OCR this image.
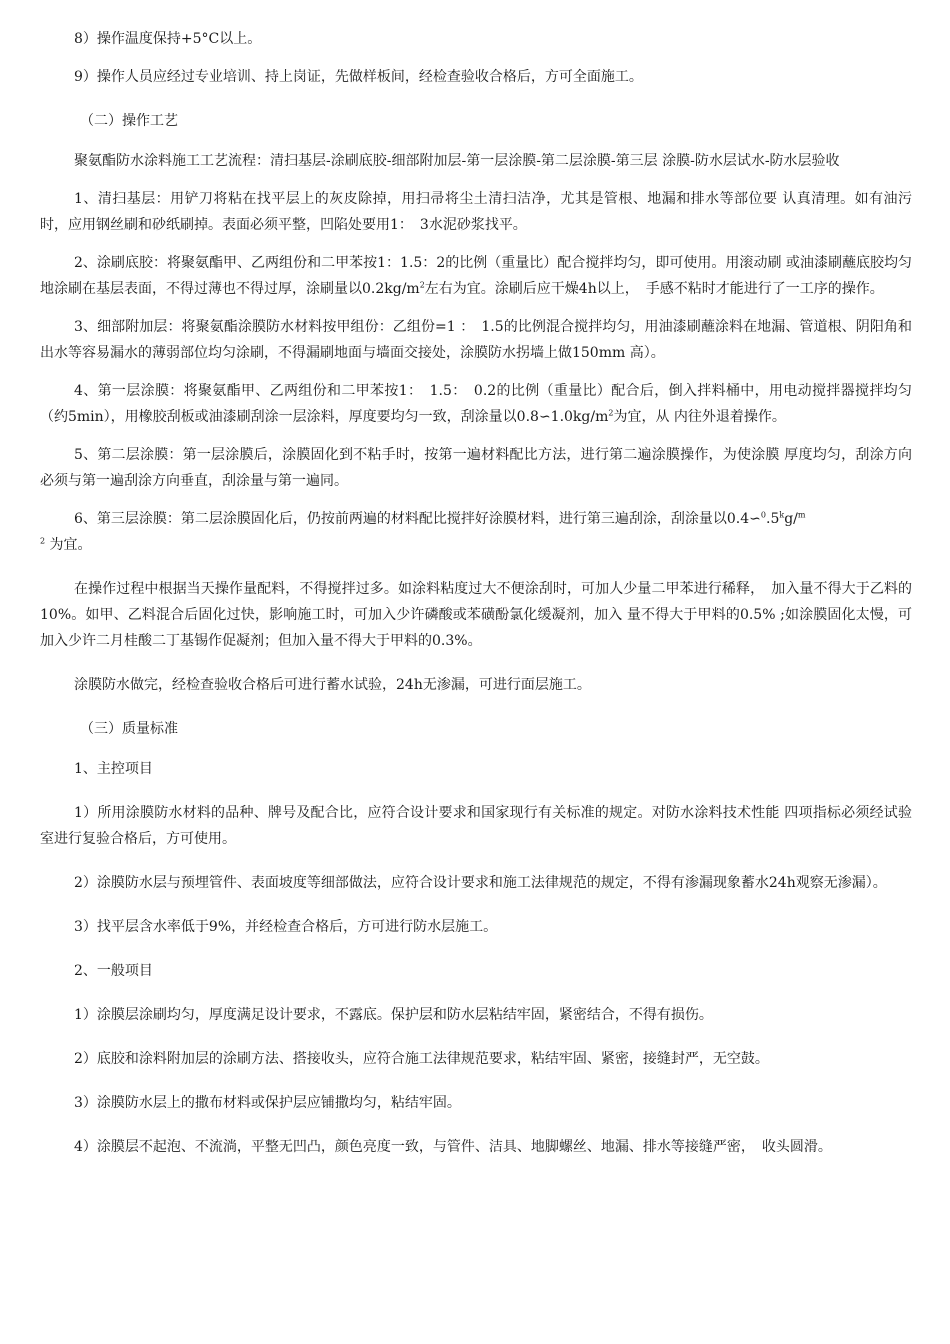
8）操作温度保持+5°C以上。

9）操作人员应经过专业培训、持上岗证，先做样板间，经检查验收合格后，方可全面施工。

（二）操作工艺

聚氨酯防水涂料施工工艺流程：清扫基层-涂刷底胶-细部附加层-第一层涂膜-第二层涂膜-第三层 涂膜-防水层试水-防水层验收

1、清扫基层：用铲刀将粘在找平层上的灰皮除掉，用扫帚将尘土清扫洁净，尤其是管根、地漏和排水等部位要 认真清理。如有油污时，应用钢丝刷和砂纸刷掉。表面必须平整，凹陷处要用1：　3水泥砂浆找平。

2、涂刷底胶：将聚氨酯甲、乙两组份和二甲苯按1：1.5：2的比例（重量比）配合搅拌均匀，即可使用。用滚动刷 或油漆刷蘸底胶均匀地涂刷在基层表面，不得过薄也不得过厚，涂刷量以$0.2kg/m^2$左右为宜。涂刷后应干燥4h以上，　手感不粘时才能进行了一工序的操作。

3、细部附加层：将聚氨酯涂膜防水材料按甲组份：乙组份=1 ：　1.5的比例混合搅拌均匀，用油漆刷蘸涂料在地漏、管道根、阴阳角和出水等容易漏水的薄弱部位均匀涂刷，不得漏刷地面与墙面交接处，涂膜防水拐墙上做150mm 高）。

4、第一层涂膜：将聚氨酯甲、乙两组份和二甲苯按1：　1.5：　0.2的比例（重量比）配合后，倒入拌料桶中，用电动搅拌器搅拌均匀（约5min），用橡胶刮板或油漆刷刮涂一层涂料，厚度要均匀一致，刮涂量以$0.8∽1.0kg/m^2$为宜，从 内往外退着操作。

5、第二层涂膜：第一层涂膜后，涂膜固化到不粘手时，按第一遍材料配比方法，进行第二遍涂膜操作，为使涂膜 厚度均匀，刮涂方向必须与第一遍刮涂方向垂直，刮涂量与第一遍同。

6、第三层涂膜：第二层涂膜固化后，仍按前两遍的材料配比搅拌好涂膜材料，进行第三遍刮涂，刮涂量以0.4∽$^0$.5$^k$g/$^m$
$^2$ 为宜。

在操作过程中根据当天操作量配料，不得搅拌过多。如涂料粘度过大不便涂刮时，可加人少量二甲苯进行稀释，　加入量不得大于乙料的10%。如甲、乙料混合后固化过快，影响施工时，可加入少许磷酸或苯磺酚氯化缓凝剂，加入 量不得大于甲料的0.5% ;如涂膜固化太慢，可加入少许二月桂酸二丁基锡作促凝剂；但加入量不得大于甲料的0.3%。

涂膜防水做完，经检查验收合格后可进行蓄水试验，24h无渗漏，可进行面层施工。

（三）质量标准

1、主控项目

1）所用涂膜防水材料的品种、牌号及配合比，应符合设计要求和国家现行有关标准的规定。对防水涂料技术性能 四项指标必须经试验室进行复验合格后，方可使用。

2）涂膜防水层与预埋管件、表面坡度等细部做法，应符合设计要求和施工法律规范的规定，不得有渗漏现象蓄水24h观察无渗漏）。

3）找平层含水率低于9%，并经检查合格后，方可进行防水层施工。

2、一般项目

1）涂膜层涂刷均匀，厚度满足设计要求，不露底。保护层和防水层粘结牢固，紧密结合，不得有损伤。

2）底胶和涂料附加层的涂刷方法、搭接收头，应符合施工法律规范要求，粘结牢固、紧密，接缝封严，无空鼓。

3）涂膜防水层上的撒布材料或保护层应铺撒均匀，粘结牢固。

4）涂膜层不起泡、不流淌，平整无凹凸，颜色亮度一致，与管件、洁具、地脚螺丝、地漏、排水等接缝严密，　收头圆滑。
